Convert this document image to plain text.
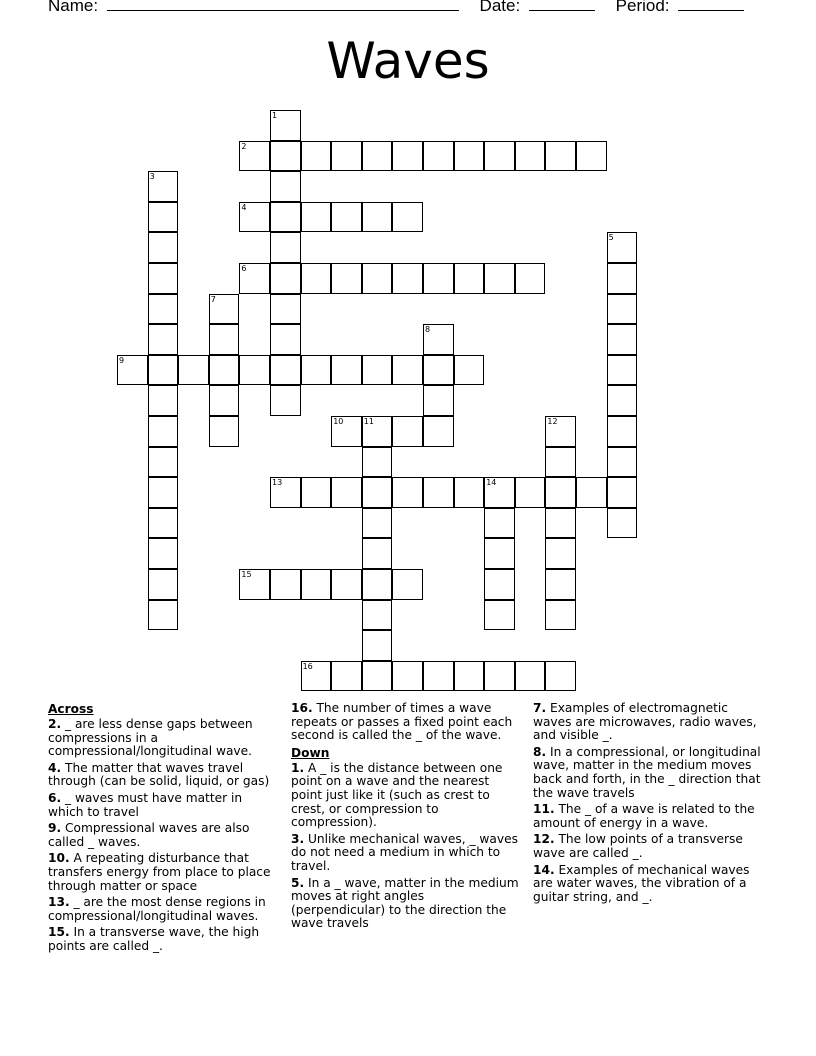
Name:	Date:	Period:
Waves
2
4
6
9
10	11
13	14
15
16
1
3
5
7
8
12
Across
2. _ are less dense gaps between compressions in a compressional/longitudinal wave.
4. The matter that waves travel through (can be solid, liquid, or gas)
6. _ waves must have matter in which to travel
9. Compressional waves are also called _ waves.
10. A repeating disturbance that transfers energy from place to place through matter or space
13. _ are the most dense regions in compressional/longitudinal waves.
15. In a transverse wave, the high points are called _.
16. The number of times a wave repeats or passes a fixed point each second is called the _ of the wave.
Down
1. A _ is the distance between one point on a wave and the nearest point just like it (such as crest to crest, or compression to compression).
3. Unlike mechanical waves, _ waves do not need a medium in which to travel.
5. In a _ wave, matter in the medium moves at right angles (perpendicular) to the direction the wave travels
7. Examples of electromagnetic waves are microwaves, radio waves, and visible _.
8. In a compressional, or longitudinal wave, matter in the medium moves back and forth, in the _ direction that the wave travels
11. The _ of a wave is related to the amount of energy in a wave.
12. The low points of a transverse wave are called _.
14. Examples of mechanical waves are water waves, the vibration of a guitar string, and _.
